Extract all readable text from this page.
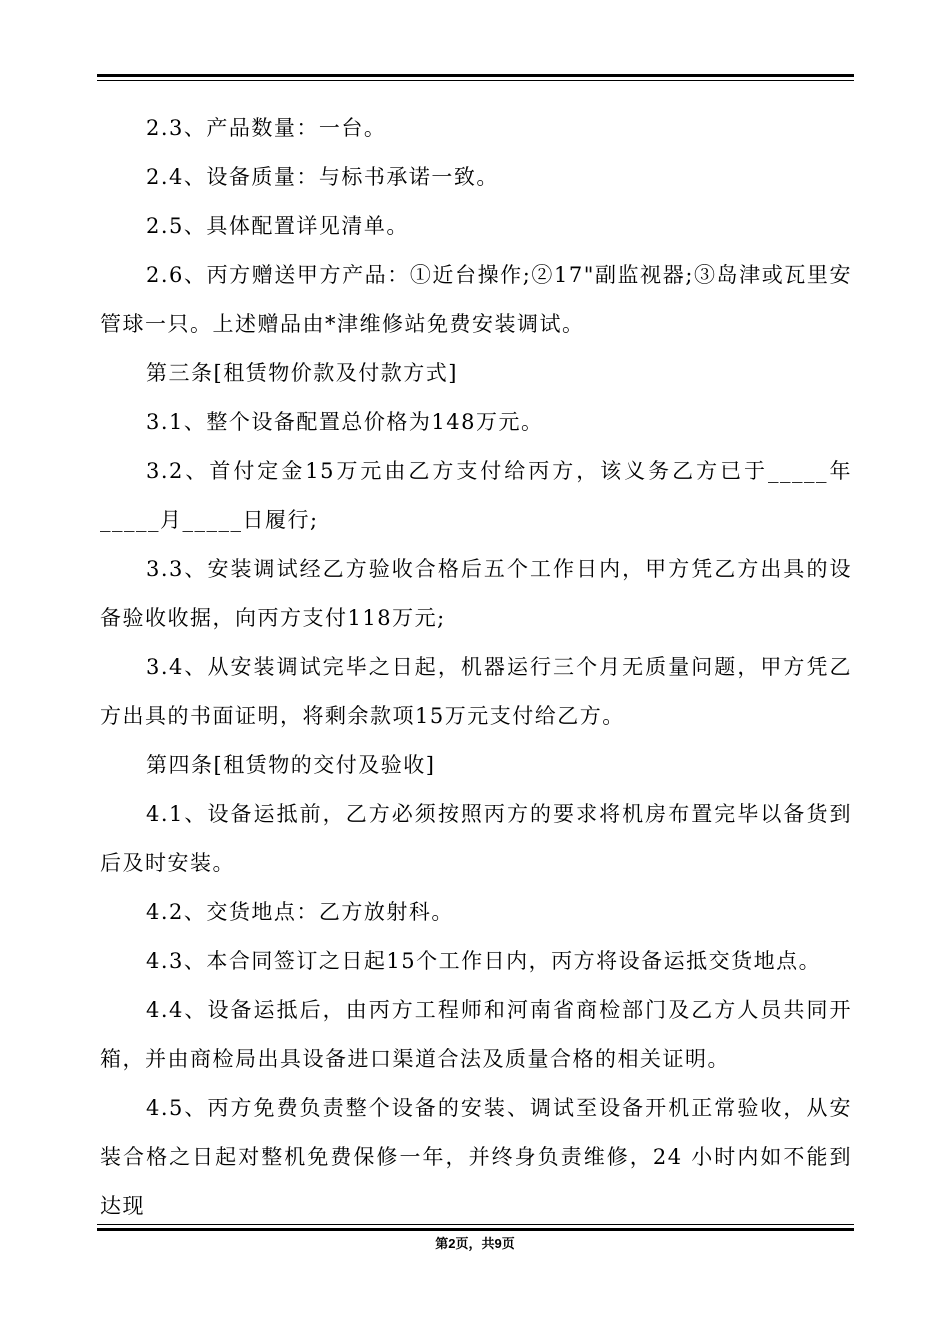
2.3、产品数量：一台。

2.4、设备质量：与标书承诺一致。

2.5、具体配置详见清单。

2.6、丙方赠送甲方产品：①近台操作;②17"副监视器;③岛津或瓦里安管球一只。上述赠品由*津维修站免费安装调试。

第三条[租赁物价款及付款方式]

3.1、整个设备配置总价格为148万元。

3.2、首付定金15万元由乙方支付给丙方，该义务乙方已于_____年_____月_____日履行;

3.3、安装调试经乙方验收合格后五个工作日内，甲方凭乙方出具的设备验收收据，向丙方支付118万元;

3.4、从安装调试完毕之日起，机器运行三个月无质量问题，甲方凭乙方出具的书面证明，将剩余款项15万元支付给乙方。

第四条[租赁物的交付及验收]

4.1、设备运抵前，乙方必须按照丙方的要求将机房布置完毕以备货到后及时安装。

4.2、交货地点：乙方放射科。

4.3、本合同签订之日起15个工作日内，丙方将设备运抵交货地点。

4.4、设备运抵后，由丙方工程师和河南省商检部门及乙方人员共同开箱，并由商检局出具设备进口渠道合法及质量合格的相关证明。

4.5、丙方免费负责整个设备的安装、调试至设备开机正常验收，从安装合格之日起对整机免费保修一年，并终身负责维修，24 小时内如不能到达现

第2页，共9页
